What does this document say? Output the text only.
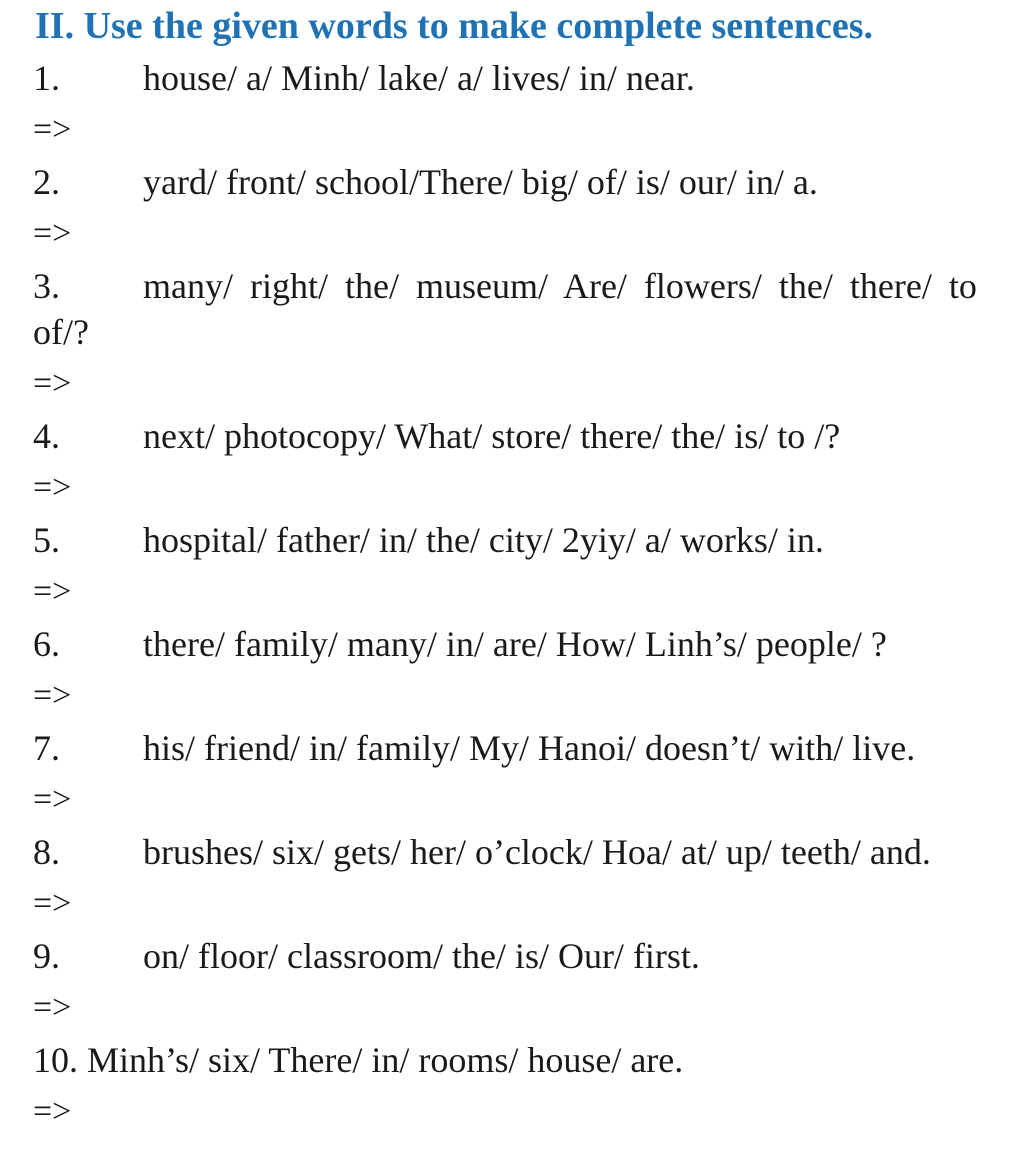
II. Use the given words to make complete sentences.
1. house/ a/ Minh/ lake/ a/ lives/ in/ near.
=>
2. yard/ front/ school/There/ big/ of/ is/ our/ in/ a.
=>
3. many/ right/ the/ museum/ Are/ flowers/ the/ there/ to
of/?
=>
4. next/ photocopy/ What/ store/ there/ the/ is/ to /?
=>
5. hospital/ father/ in/ the/ city/ 2yiy/ a/ works/ in.
=>
6. there/ family/ many/ in/ are/ How/ Linh’s/ people/ ?
=>
7. his/ friend/ in/ family/ My/ Hanoi/ doesn’t/ with/ live.
=>
8. brushes/ six/ gets/ her/ o’clock/ Hoa/ at/ up/ teeth/ and.
=>
9. on/ floor/ classroom/ the/ is/ Our/ first.
=>
10. Minh’s/ six/ There/ in/ rooms/ house/ are.
=>
